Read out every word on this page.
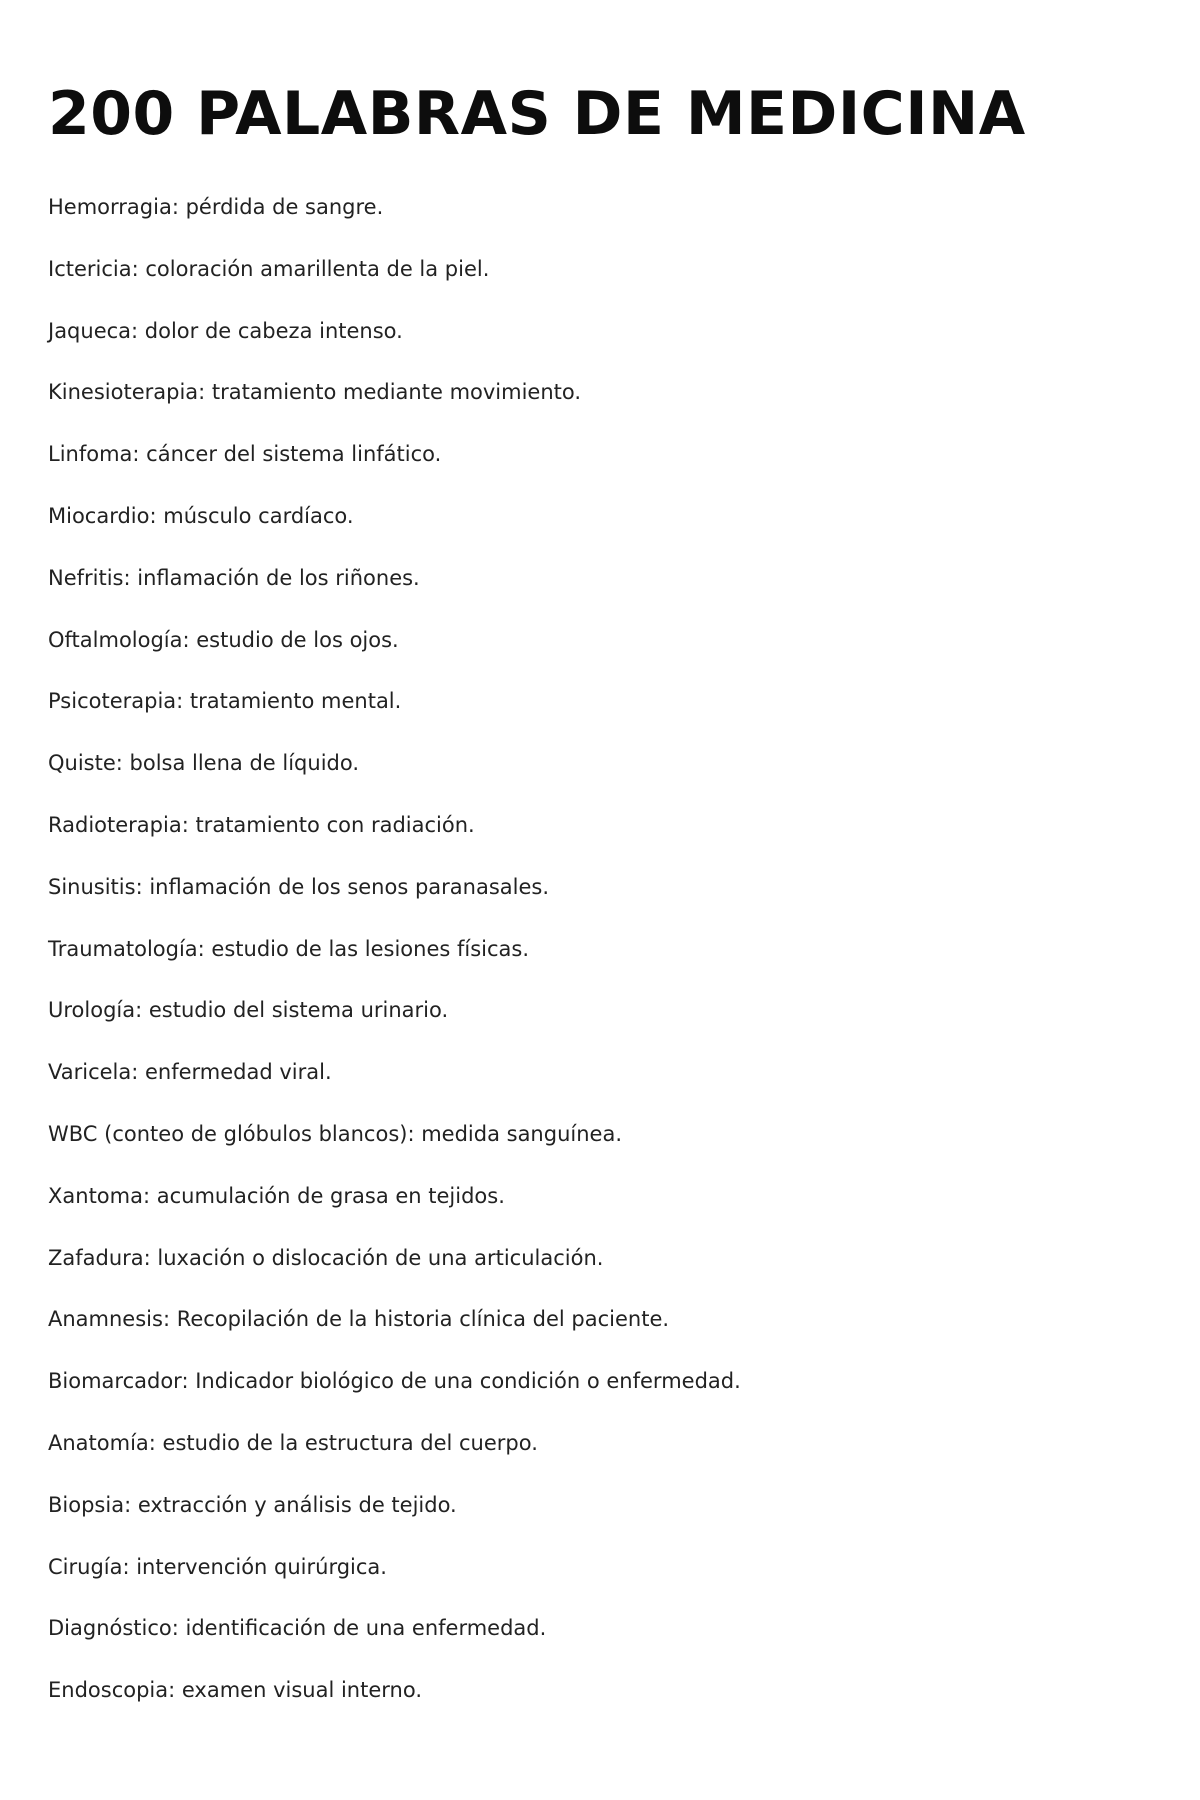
200 PALABRAS DE MEDICINA
Hemorragia: pérdida de sangre.
Ictericia: coloración amarillenta de la piel.
Jaqueca: dolor de cabeza intenso.
Kinesioterapia: tratamiento mediante movimiento.
Linfoma: cáncer del sistema linfático.
Miocardio: músculo cardíaco.
Nefritis: inflamación de los riñones.
Oftalmología: estudio de los ojos.
Psicoterapia: tratamiento mental.
Quiste: bolsa llena de líquido.
Radioterapia: tratamiento con radiación.
Sinusitis: inflamación de los senos paranasales.
Traumatología: estudio de las lesiones físicas.
Urología: estudio del sistema urinario.
Varicela: enfermedad viral.
WBC (conteo de glóbulos blancos): medida sanguínea.
Xantoma: acumulación de grasa en tejidos.
Zafadura: luxación o dislocación de una articulación.
Anamnesis: Recopilación de la historia clínica del paciente.
Biomarcador: Indicador biológico de una condición o enfermedad.
Anatomía: estudio de la estructura del cuerpo.
Biopsia: extracción y análisis de tejido.
Cirugía: intervención quirúrgica.
Diagnóstico: identificación de una enfermedad.
Endoscopia: examen visual interno.
